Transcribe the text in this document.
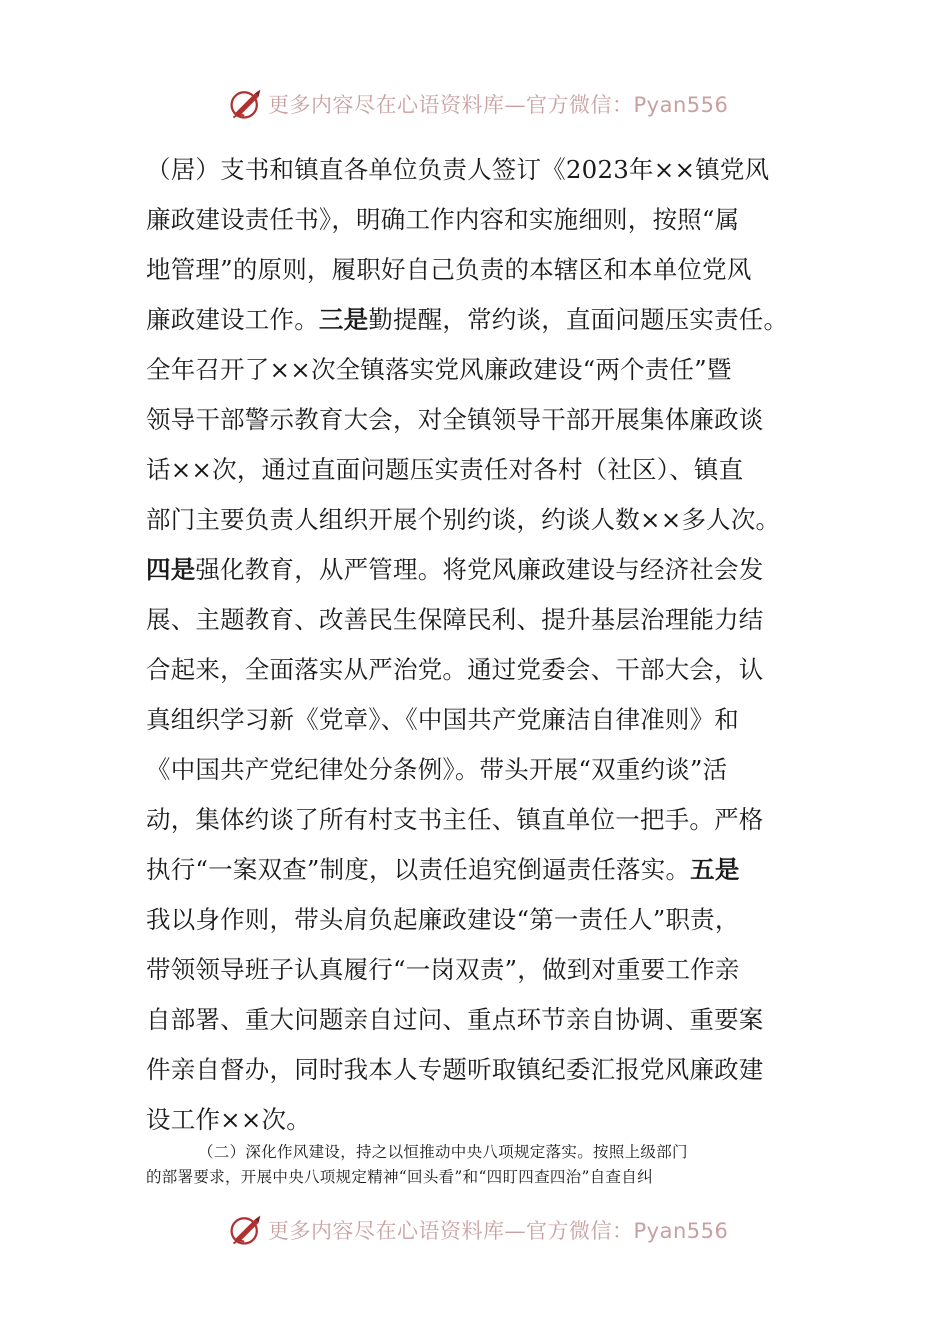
更多内容尽在心语资料库—官方微信：Pyan556
（居）支书和镇直各单位负责人签订《2023年××镇党风
廉政建设责任书》，明确工作内容和实施细则，按照“属
地管理”的原则，履职好自己负责的本辖区和本单位党风
廉政建设工作。三是勤提醒，常约谈，直面问题压实责任。
全年召开了××次全镇落实党风廉政建设“两个责任”暨
领导干部警示教育大会，对全镇领导干部开展集体廉政谈
话××次，通过直面问题压实责任对各村（社区）、镇直
部门主要负责人组织开展个别约谈，约谈人数××多人次。
四是强化教育，从严管理。将党风廉政建设与经济社会发
展、主题教育、改善民生保障民利、提升基层治理能力结
合起来，全面落实从严治党。通过党委会、干部大会，认
真组织学习新《党章》、《中国共产党廉洁自律准则》和
《中国共产党纪律处分条例》。带头开展“双重约谈”活
动，集体约谈了所有村支书主任、镇直单位一把手。严格
执行“一案双查”制度，以责任追究倒逼责任落实。五是
我以身作则，带头肩负起廉政建设“第一责任人”职责，
带领领导班子认真履行“一岗双责”，做到对重要工作亲
自部署、重大问题亲自过问、重点环节亲自协调、重要案
件亲自督办，同时我本人专题听取镇纪委汇报党风廉政建
设工作××次。
（二）深化作风建设，持之以恒推动中央八项规定落实。按照上级部门
的部署要求，开展中央八项规定精神“回头看”和“四盯四查四治”自查自纠
更多内容尽在心语资料库—官方微信：Pyan556
